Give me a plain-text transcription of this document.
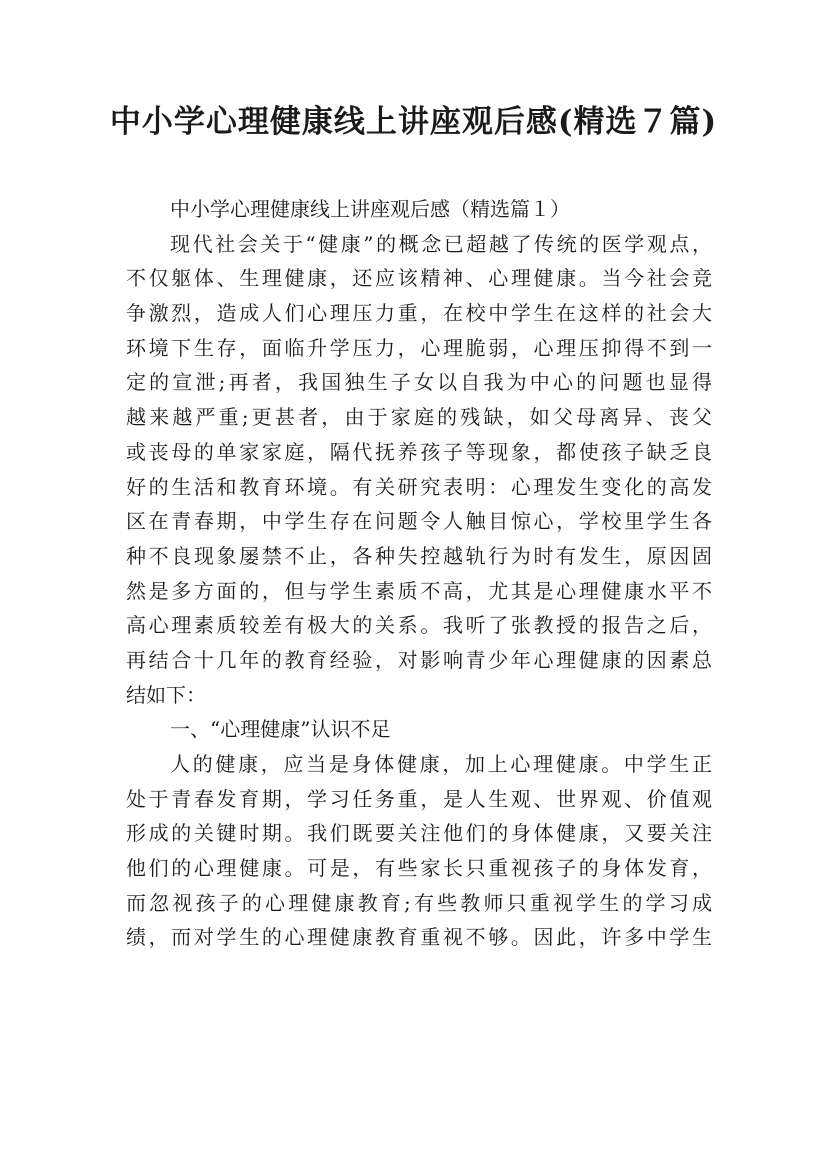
中小学心理健康线上讲座观后感(精选７篇)
中小学心理健康线上讲座观后感（精选篇１）
现代社会关于“健康”的概念已超越了传统的医学观点，
不仅躯体、生理健康，还应该精神、心理健康。当今社会竞
争激烈，造成人们心理压力重，在校中学生在这样的社会大
环境下生存，面临升学压力，心理脆弱，心理压抑得不到一
定的宣泄;再者，我国独生子女以自我为中心的问题也显得
越来越严重;更甚者，由于家庭的残缺，如父母离异、丧父
或丧母的单家家庭，隔代抚养孩子等现象，都使孩子缺乏良
好的生活和教育环境。有关研究表明：心理发生变化的高发
区在青春期，中学生存在问题令人触目惊心，学校里学生各
种不良现象屡禁不止，各种失控越轨行为时有发生，原因固
然是多方面的，但与学生素质不高，尤其是心理健康水平不
高心理素质较差有极大的关系。我听了张教授的报告之后，
再结合十几年的教育经验，对影响青少年心理健康的因素总
结如下：
一、“心理健康”认识不足
人的健康，应当是身体健康，加上心理健康。中学生正
处于青春发育期，学习任务重，是人生观、世界观、价值观
形成的关键时期。我们既要关注他们的身体健康，又要关注
他们的心理健康。可是，有些家长只重视孩子的身体发育，
而忽视孩子的心理健康教育;有些教师只重视学生的学习成
绩，而对学生的心理健康教育重视不够。因此，许多中学生
